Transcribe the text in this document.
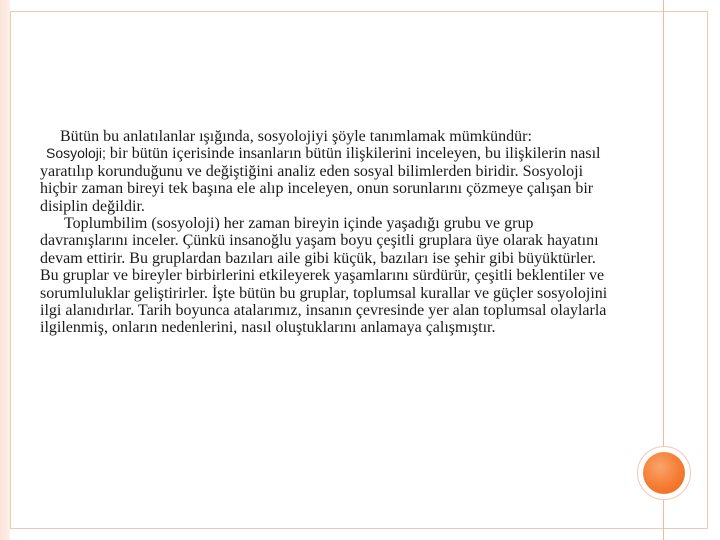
Bütün bu anlatılanlar ışığında, sosyolojiyi şöyle tanımlamak mümkündür:

Sosyoloji; bir bütün içerisinde insanların bütün ilişkilerini inceleyen, bu ilişkilerin nasıl yaratılıp korunduğunu ve değiştiğini analiz eden sosyal bilimlerden biridir. Sosyoloji hiçbir zaman bireyi tek başına ele alıp inceleyen, onun sorunlarını çözmeye çalışan bir disiplin değildir.

Toplumbilim (sosyoloji) her zaman bireyin içinde yaşadığı grubu ve grup davranışlarını inceler. Çünkü insanoğlu yaşam boyu çeşitli gruplara üye olarak hayatını devam ettirir. Bu gruplardan bazıları aile gibi küçük, bazıları ise şehir gibi büyüktürler. Bu gruplar ve bireyler birbirlerini etkileyerek yaşamlarını sürdürür, çeşitli beklentiler ve sorumluluklar geliştirirler. İşte bütün bu gruplar, toplumsal kurallar ve güçler sosyolojini ilgi alanıdırlar. Tarih boyunca atalarımız, insanın çevresinde yer alan toplumsal olaylarla ilgilenmiş, onların nedenlerini, nasıl oluştuklarını anlamaya çalışmıştır.
